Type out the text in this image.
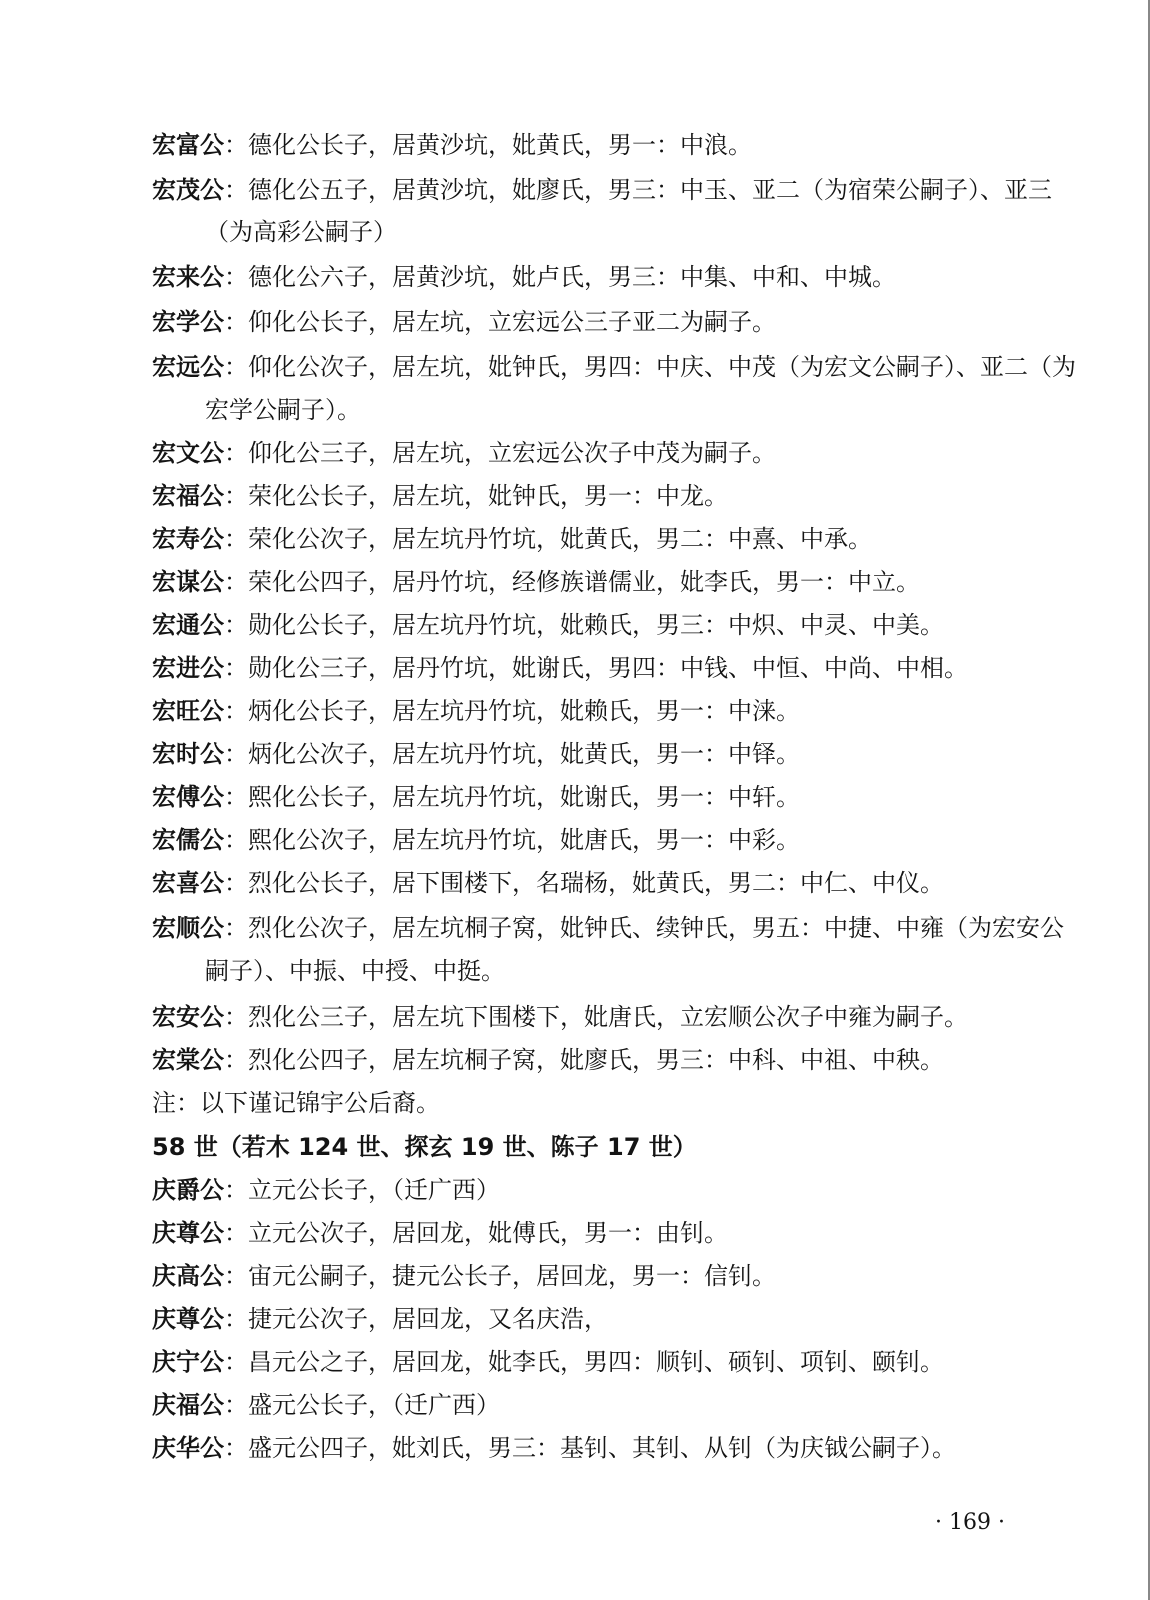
宏富公：德化公长子，居黄沙坑，妣黄氏，男一：中浪。
宏茂公：德化公五子，居黄沙坑，妣廖氏，男三：中玉、亚二（为宿荣公嗣子）、亚三
（为高彩公嗣子）
宏来公：德化公六子，居黄沙坑，妣卢氏，男三：中集、中和、中城。
宏学公：仰化公长子，居左坑，立宏远公三子亚二为嗣子。
宏远公：仰化公次子，居左坑，妣钟氏，男四：中庆、中茂（为宏文公嗣子）、亚二（为
宏学公嗣子）。
宏文公：仰化公三子，居左坑，立宏远公次子中茂为嗣子。
宏福公：荣化公长子，居左坑，妣钟氏，男一：中龙。
宏寿公：荣化公次子，居左坑丹竹坑，妣黄氏，男二：中熹、中承。
宏谋公：荣化公四子，居丹竹坑，经修族谱儒业，妣李氏，男一：中立。
宏通公：勋化公长子，居左坑丹竹坑，妣赖氏，男三：中炽、中灵、中美。
宏进公：勋化公三子，居丹竹坑，妣谢氏，男四：中钱、中恒、中尚、中相。
宏旺公：炳化公长子，居左坑丹竹坑，妣赖氏，男一：中涞。
宏时公：炳化公次子，居左坑丹竹坑，妣黄氏，男一：中铎。
宏傅公：熙化公长子，居左坑丹竹坑，妣谢氏，男一：中轩。
宏儒公：熙化公次子，居左坑丹竹坑，妣唐氏，男一：中彩。
宏喜公：烈化公长子，居下围楼下，名瑞杨，妣黄氏，男二：中仁、中仪。
宏顺公：烈化公次子，居左坑桐子窝，妣钟氏、续钟氏，男五：中捷、中雍（为宏安公
嗣子）、中振、中授、中挺。
宏安公：烈化公三子，居左坑下围楼下，妣唐氏，立宏顺公次子中雍为嗣子。
宏棠公：烈化公四子，居左坑桐子窝，妣廖氏，男三：中科、中祖、中秧。
注：以下谨记锦宇公后裔。
58 世（若木 124 世、探玄 19 世、陈子 17 世）
庆爵公：立元公长子，（迁广西）
庆尊公：立元公次子，居回龙，妣傅氏，男一：由钊。
庆高公：宙元公嗣子，捷元公长子，居回龙，男一：信钊。
庆尊公：捷元公次子，居回龙，又名庆浩，
庆宁公：昌元公之子，居回龙，妣李氏，男四：顺钊、硕钊、项钊、颐钊。
庆福公：盛元公长子，（迁广西）
庆华公：盛元公四子，妣刘氏，男三：基钊、其钊、从钊（为庆钺公嗣子）。
· 169 ·
